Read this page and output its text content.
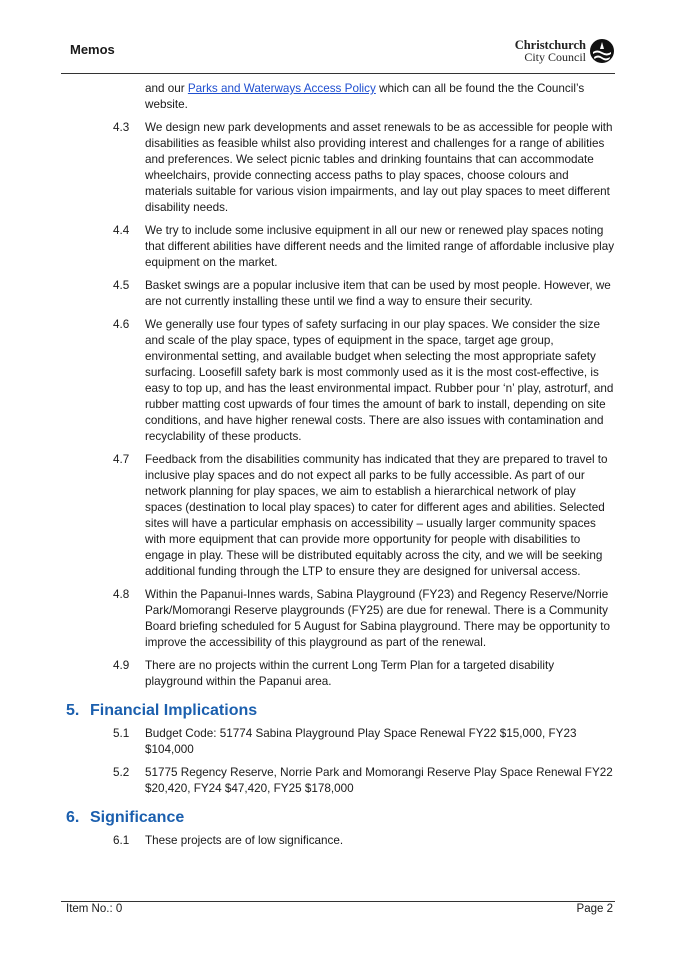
Memos	Christchurch
City Council
and our Parks and Waterways Access Policy which can all be found the the Council’s website.
4.3 We design new park developments and asset renewals to be as accessible for people with disabilities as feasible whilst also providing interest and challenges for a range of abilities and preferences. We select picnic tables and drinking fountains that can accommodate wheelchairs, provide connecting access paths to play spaces, choose colours and materials suitable for various vision impairments, and lay out play spaces to meet different disability needs.
4.4 We try to include some inclusive equipment in all our new or renewed play spaces noting that different abilities have different needs and the limited range of affordable inclusive play equipment on the market.
4.5 Basket swings are a popular inclusive item that can be used by most people. However, we are not currently installing these until we find a way to ensure their security.
4.6 We generally use four types of safety surfacing in our play spaces. We consider the size and scale of the play space, types of equipment in the space, target age group, environmental setting, and available budget when selecting the most appropriate safety surfacing. Loosefill safety bark is most commonly used as it is the most cost-effective, is easy to top up, and has the least environmental impact. Rubber pour ‘n’ play, astroturf, and rubber matting cost upwards of four times the amount of bark to install, depending on site conditions, and have higher renewal costs. There are also issues with contamination and recyclability of these products.
4.7 Feedback from the disabilities community has indicated that they are prepared to travel to inclusive play spaces and do not expect all parks to be fully accessible. As part of our network planning for play spaces, we aim to establish a hierarchical network of play spaces (destination to local play spaces) to cater for different ages and abilities. Selected sites will have a particular emphasis on accessibility – usually larger community spaces with more equipment that can provide more opportunity for people with disabilities to engage in play. These will be distributed equitably across the city, and we will be seeking additional funding through the LTP to ensure they are designed for universal access.
4.8 Within the Papanui-Innes wards, Sabina Playground (FY23) and Regency Reserve/Norrie Park/Momorangi Reserve playgrounds (FY25) are due for renewal. There is a Community Board briefing scheduled for 5 August for Sabina playground. There may be opportunity to improve the accessibility of this playground as part of the renewal.
4.9 There are no projects within the current Long Term Plan for a targeted disability playground within the Papanui area.
5. Financial Implications
5.1 Budget Code: 51774 Sabina Playground Play Space Renewal FY22 $15,000, FY23 $104,000
5.2 51775 Regency Reserve, Norrie Park and Momorangi Reserve Play Space Renewal FY22 $20,420, FY24 $47,420, FY25 $178,000
6. Significance
6.1 These projects are of low significance.
Item No.: 0	Page 2
